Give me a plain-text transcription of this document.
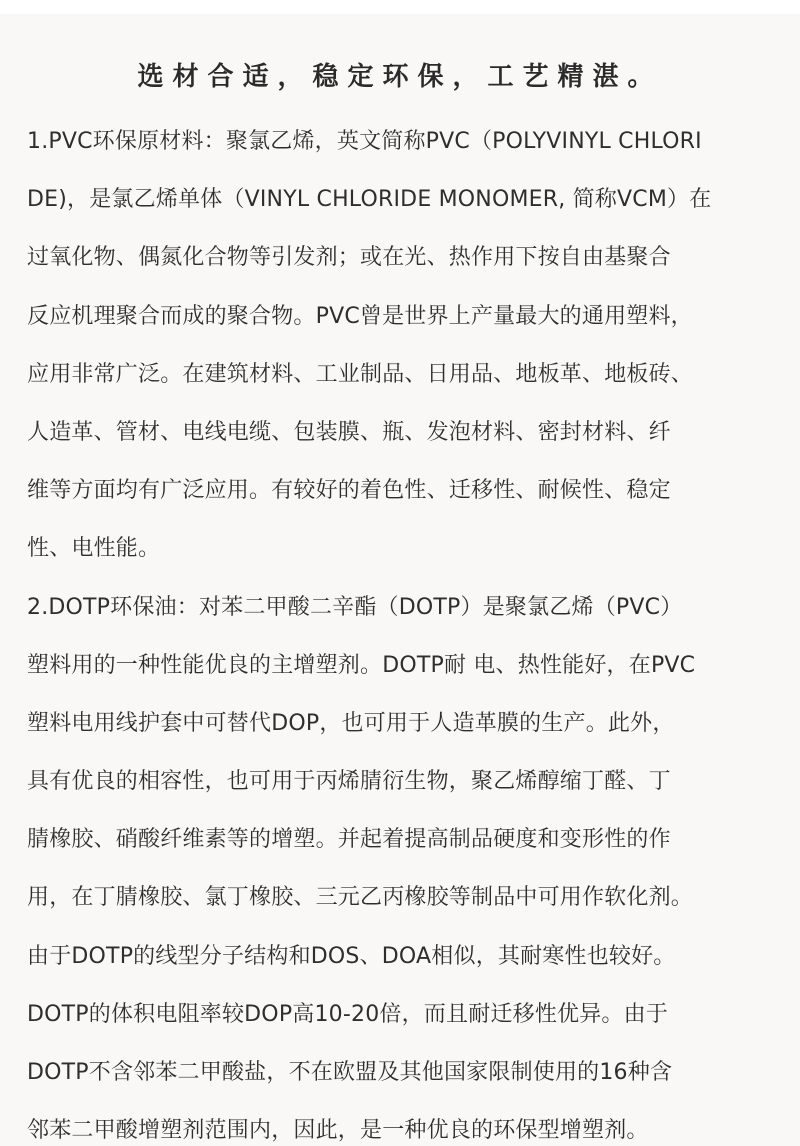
选材合适，稳定环保，工艺精湛。
1.PVC环保原材料：聚氯乙烯，英文简称PVC（POLYVINYL CHLORI
DE)，是氯乙烯单体（VINYL CHLORIDE MONOMER, 简称VCM）在
过氧化物、偶氮化合物等引发剂；或在光、热作用下按自由基聚合
反应机理聚合而成的聚合物。PVC曾是世界上产量最大的通用塑料，
应用非常广泛。在建筑材料、工业制品、日用品、地板革、地板砖、
人造革、管材、电线电缆、包装膜、瓶、发泡材料、密封材料、纤
维等方面均有广泛应用。有较好的着色性、迁移性、耐候性、稳定
性、电性能。
2.DOTP环保油：对苯二甲酸二辛酯（DOTP）是聚氯乙烯（PVC）
塑料用的一种性能优良的主增塑剂。DOTP耐 电、热性能好，在PVC
塑料电用线护套中可替代DOP，也可用于人造革膜的生产。此外，
具有优良的相容性，也可用于丙烯腈衍生物，聚乙烯醇缩丁醛、丁
腈橡胶、硝酸纤维素等的增塑。并起着提高制品硬度和变形性的作
用，在丁腈橡胶、氯丁橡胶、三元乙丙橡胶等制品中可用作软化剂。
由于DOTP的线型分子结构和DOS、DOA相似，其耐寒性也较好。
DOTP的体积电阻率较DOP高10-20倍，而且耐迁移性优异。由于
DOTP不含邻苯二甲酸盐，不在欧盟及其他国家限制使用的16种含
邻苯二甲酸增塑剂范围内，因此，是一种优良的环保型增塑剂。
